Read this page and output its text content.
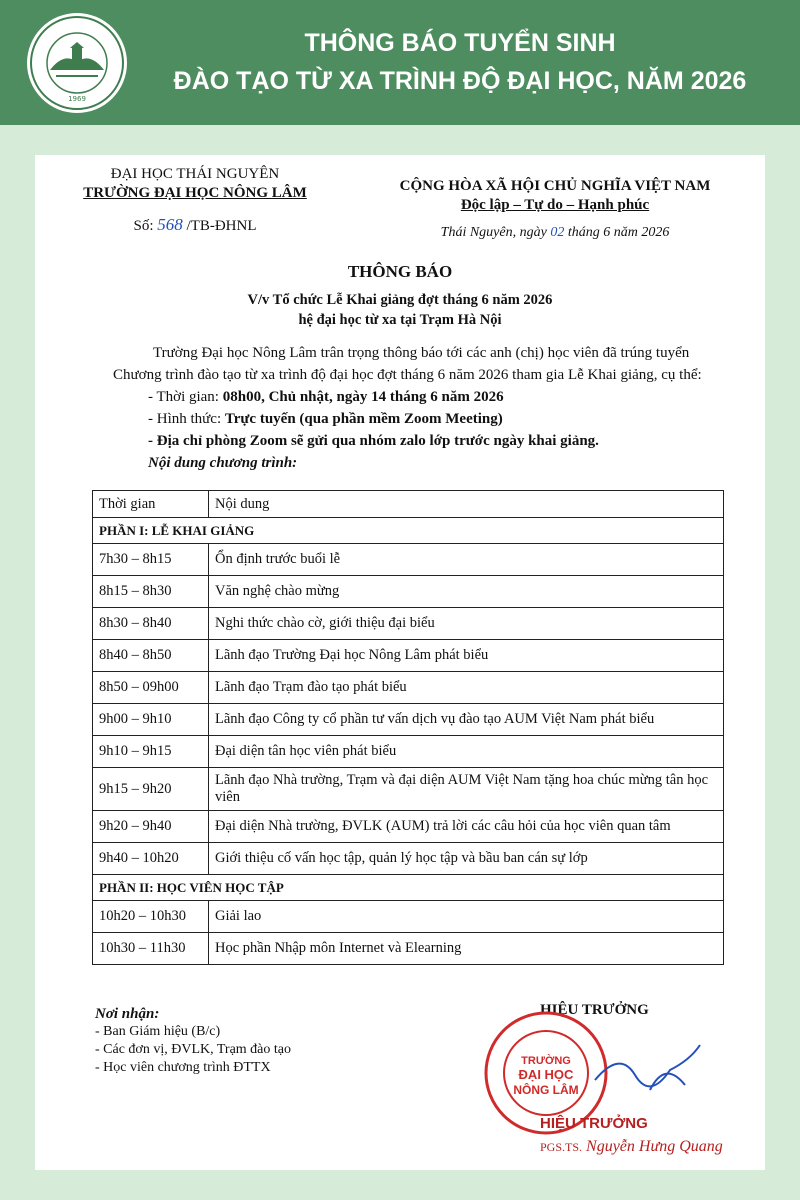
1969
THÔNG BÁO TUYỂN SINH
ĐÀO TẠO TỪ XA TRÌNH ĐỘ ĐẠI HỌC, NĂM 2026
ĐẠI HỌC THÁI NGUYÊN
TRƯỜNG ĐẠI HỌC NÔNG LÂM
Số: 568 /TB-ĐHNL
CỘNG HÒA XÃ HỘI CHỦ NGHĨA VIỆT NAM
Độc lập – Tự do – Hạnh phúc
Thái Nguyên, ngày 02 tháng 6 năm 2026
THÔNG BÁO
V/v Tổ chức Lễ Khai giảng đợt tháng 6 năm 2026
hệ đại học từ xa tại Trạm Hà Nội

Trường Đại học Nông Lâm trân trọng thông báo tới các anh (chị) học viên đã trúng tuyển Chương trình đào tạo từ xa trình độ đại học đợt tháng 6 năm 2026 tham gia Lễ Khai giảng, cụ thể:

- Thời gian: 08h00, Chủ nhật, ngày 14 tháng 6 năm 2026

- Hình thức: Trực tuyến (qua phần mềm Zoom Meeting)

- Địa chỉ phòng Zoom sẽ gửi qua nhóm zalo lớp trước ngày khai giảng.

Nội dung chương trình:

Thời gian	Nội dung
PHẦN I: LỄ KHAI GIẢNG	
7h30 – 8h15	Ổn định trước buổi lễ
8h15 – 8h30	Văn nghệ chào mừng
8h30 – 8h40	Nghi thức chào cờ, giới thiệu đại biểu
8h40 – 8h50	Lãnh đạo Trường Đại học Nông Lâm phát biểu
8h50 – 09h00	Lãnh đạo Trạm đào tạo phát biểu
9h00 – 9h10	Lãnh đạo Công ty cổ phần tư vấn dịch vụ đào tạo AUM Việt Nam phát biểu
9h10 – 9h15	Đại diện tân học viên phát biểu
9h15 – 9h20	Lãnh đạo Nhà trường, Trạm và đại diện AUM Việt Nam tặng hoa chúc mừng tân học viên
9h20 – 9h40	Đại diện Nhà trường, ĐVLK (AUM) trả lời các câu hỏi của học viên quan tâm
9h40 – 10h20	Giới thiệu cố vấn học tập, quản lý học tập và bầu ban cán sự lớp
PHẦN II: HỌC VIÊN HỌC TẬP	
10h20 – 10h30	Giải lao
10h30 – 11h30	Học phần Nhập môn Internet và Elearning
Nơi nhận:
- Ban Giám hiệu (B/c)
- Các đơn vị, ĐVLK, Trạm đào tạo
- Học viên chương trình ĐTTX
HIỆU TRƯỞNG
TRƯỜNG
ĐẠI HỌC
NÔNG LÂM
HIỆU TRƯỞNG
PGS.TS. Nguyễn Hưng Quang
